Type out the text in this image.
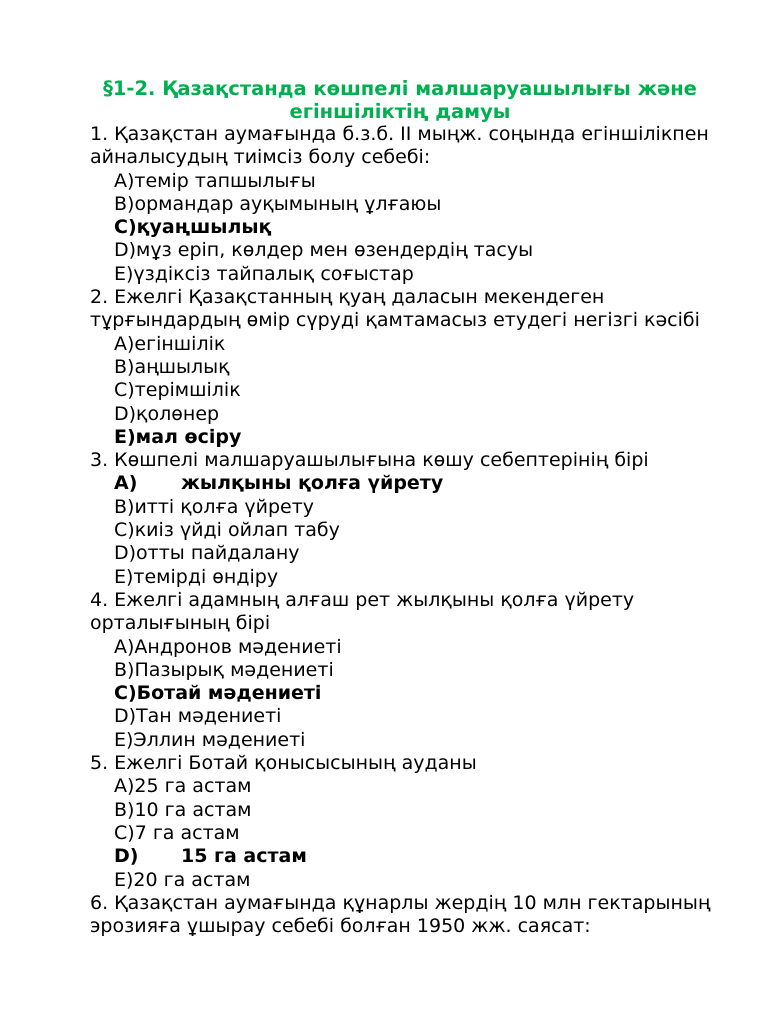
§1-2. Қазақстанда көшпелі малшаруашылығы және егіншіліктің дамуы

1. Қазақстан аумағында б.з.б. ІІ мыңж. соңында егіншілікпен айналысудың тиімсіз болу себебі:

A)темір тапшылығы
B)ормандар ауқымының ұлғаюы
C)қуаңшылық
D)мұз еріп, көлдер мен өзендердің тасуы
E)үздіксіз тайпалық соғыстар

2. Ежелгі Қазақстанның қуаң даласын мекендеген тұрғындардың өмір сүруді қамтамасыз етудегі негізгі кәсібі

A)егіншілік
B)аңшылық
C)терімшілік
D)қолөнер
E)мал өсіру

3. Көшпелі малшаруашылығына көшу себептерінің бірі

A) жылқыны қолға үйрету
B)итті қолға үйрету
C)киіз үйді ойлап табу
D)отты пайдалану
E)темірді өндіру

4. Ежелгі адамның алғаш рет жылқыны қолға үйрету орталығының бірі

A)Андронов мәдениеті
B)Пазырық мәдениеті
C)Ботай мәдениеті
D)Тан мәдениеті
E)Эллин мәдениеті

5. Ежелгі Ботай қонысысының ауданы

A)25 га астам
B)10 га астам
C)7 га астам
D) 15 га астам
E)20 га астам

6. Қазақстан аумағында құнарлы жердің 10 млн гектарының эрозияға ұшырау себебі болған 1950 жж. саясат:
